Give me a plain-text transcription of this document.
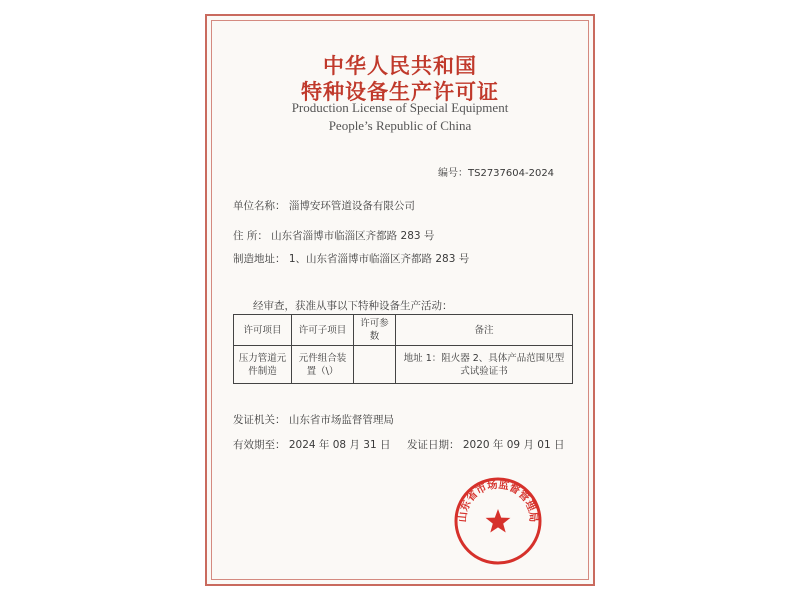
中华人民共和国
特种设备生产许可证
Production License of Special Equipment
People’s Republic of China
编号：TS2737604-2024
单位名称： 淄博安环管道设备有限公司
住 所： 山东省淄博市临淄区齐都路 283 号
制造地址： 1、山东省淄博市临淄区齐都路 283 号
经审查，获准从事以下特种设备生产活动：
许可项目	许可子项目	许可参数	备注
压力管道元件制造	元件组合装置（\）		地址 1：阻火器 2、具体产品范围见型式试验证书
发证机关： 山东省市场监督管理局
有效期至： 2024 年 08 月 31 日 发证日期： 2020 年 09 月 01 日
山东省市场监督管理局
